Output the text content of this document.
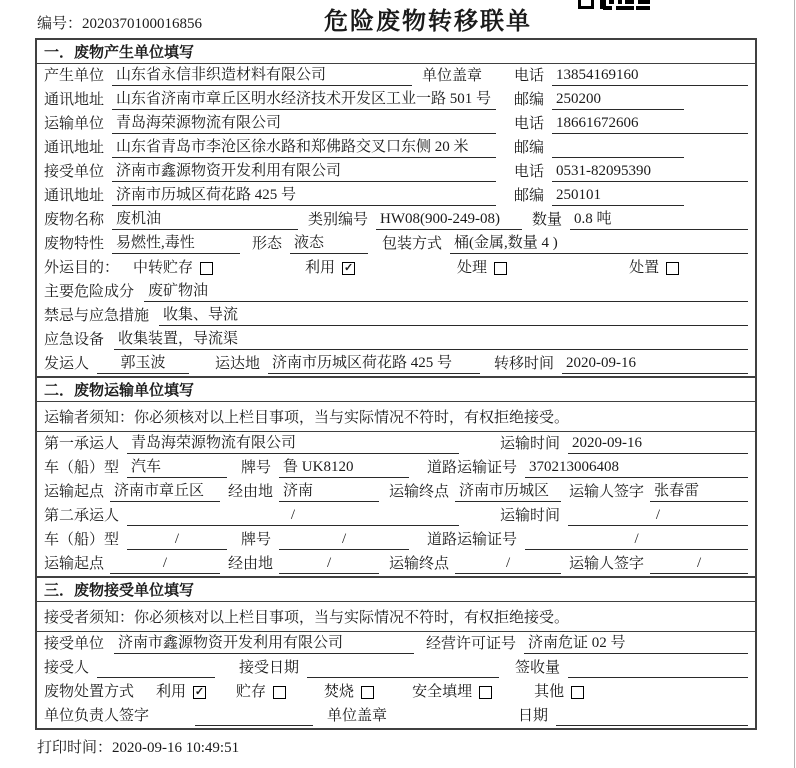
编号：2020370100016856	危险废物转移联单
一．废物产生单位填写
产生单位 山东省永信非织造材料有限公司	单位盖章 电话 13854169160
通讯地址 山东省济南市章丘区明水经济技术开发区工业一路 501 号	邮编 250200
运输单位 青岛海荣源物流有限公司	电话 18661672606
通讯地址 山东省青岛市李沧区徐水路和郑佛路交叉口东侧 20 米	邮编
接受单位 济南市鑫源物资开发利用有限公司	电话 0531-82095390
通讯地址 济南市历城区荷花路 425 号	邮编 250101
废物名称 废机油	类别编号 HW08(900-249-08)	数量 0.8 吨
废物特性 易燃性,毒性	形态 液态	包装方式 桶(金属,数量 4 )
外运目的： 中转贮存	利用 ✓	处理	处置
主要危险成分 废矿物油
禁忌与应急措施 收集、导流
应急设备 收集装置，导流渠
发运人	郭玉波	运达地 济南市历城区荷花路 425 号	转移时间 2020-09-16
二．废物运输单位填写
运输者须知：你必须核对以上栏目事项，当与实际情况不符时，有权拒绝接受。
第一承运人 青岛海荣源物流有限公司	运输时间 2020-09-16
车（船）型 汽车	牌号 鲁 UK8120	道路运输证号 370213006408
运输起点 济南市章丘区	经由地 济南	运输终点 济南市历城区	运输人签字 张春雷
第二承运人	/	运输时间	/
车（船）型	/	牌号	/	道路运输证号	/
运输起点	/	经由地	/	运输终点	/	运输人签字	/
三．废物接受单位填写
接受者须知：你必须核对以上栏目事项，当与实际情况不符时，有权拒绝接受。
接受单位 济南市鑫源物资开发利用有限公司	经营许可证号 济南危证 02 号
接受人	接受日期	签收量
废物处置方式 利用 ✓ 贮存	焚烧	安全填埋	其他
单位负责人签字	单位盖章	日期
打印时间：2020-09-16 10:49:51
